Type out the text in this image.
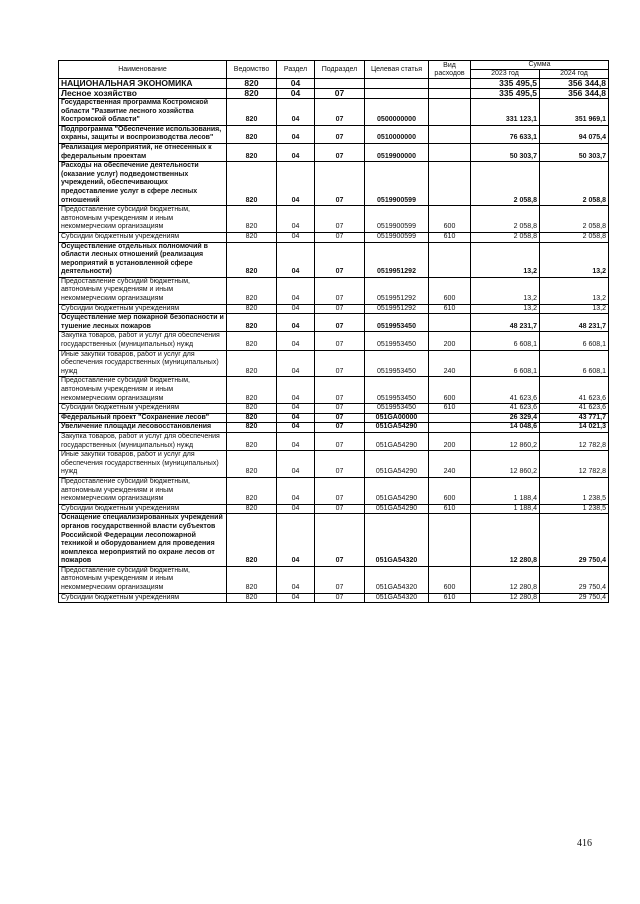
Наименование	Ведомство	Раздел	Подраздел	Целевая статья	Вид расходов	Сумма	
						2023 год	2024 год
НАЦИОНАЛЬНАЯ ЭКОНОМИКА	820	04				335 495,5	356 344,8
Лесное хозяйство	820	04	07			335 495,5	356 344,8
Государственная программа Костромской области "Развитие лесного хозяйства Костромской области"	820	04	07	0500000000		331 123,1	351 969,1
Подпрограмма "Обеспечение использования, охраны, защиты и воспроизводства лесов"	820	04	07	0510000000		76 633,1	94 075,4
Реализация мероприятий, не отнесенных к федеральным проектам	820	04	07	0519900000		50 303,7	50 303,7
Расходы на обеспечение деятельности (оказание услуг) подведомственных учреждений, обеспечивающих предоставление услуг в сфере лесных отношений	820	04	07	0519900599		2 058,8	2 058,8
Предоставление субсидий бюджетным, автономным учреждениям и иным некоммерческим организациям	820	04	07	0519900599	600	2 058,8	2 058,8
Субсидии бюджетным учреждениям	820	04	07	0519900599	610	2 058,8	2 058,8
Осуществление отдельных полномочий в области лесных отношений (реализация мероприятий в установленной сфере деятельности)	820	04	07	0519951292		13,2	13,2
Предоставление субсидий бюджетным, автономным учреждениям и иным некоммерческим организациям	820	04	07	0519951292	600	13,2	13,2
Субсидии бюджетным учреждениям	820	04	07	0519951292	610	13,2	13,2
Осуществление мер пожарной безопасности и тушение лесных пожаров	820	04	07	0519953450		48 231,7	48 231,7
Закупка товаров, работ и услуг для обеспечения государственных (муниципальных) нужд	820	04	07	0519953450	200	6 608,1	6 608,1
Иные закупки товаров, работ и услуг для обеспечения государственных (муниципальных) нужд	820	04	07	0519953450	240	6 608,1	6 608,1
Предоставление субсидий бюджетным, автономным учреждениям и иным некоммерческим организациям	820	04	07	0519953450	600	41 623,6	41 623,6
Субсидии бюджетным учреждениям	820	04	07	0519953450	610	41 623,6	41 623,6
Федеральный проект "Сохранение лесов"	820	04	07	051GA00000		26 329,4	43 771,7
Увеличение площади лесовосстановления	820	04	07	051GA54290		14 048,6	14 021,3
Закупка товаров, работ и услуг для обеспечения государственных (муниципальных) нужд	820	04	07	051GA54290	200	12 860,2	12 782,8
Иные закупки товаров, работ и услуг для обеспечения государственных (муниципальных) нужд	820	04	07	051GA54290	240	12 860,2	12 782,8
Предоставление субсидий бюджетным, автономным учреждениям и иным некоммерческим организациям	820	04	07	051GA54290	600	1 188,4	1 238,5
Субсидии бюджетным учреждениям	820	04	07	051GA54290	610	1 188,4	1 238,5
Оснащение специализированных учреждений органов государственной власти субъектов Российской Федерации лесопожарной техникой и оборудованием для проведения комплекса мероприятий по охране лесов от пожаров	820	04	07	051GA54320		12 280,8	29 750,4
Предоставление субсидий бюджетным, автономным учреждениям и иным некоммерческим организациям	820	04	07	051GA54320	600	12 280,8	29 750,4
Субсидии бюджетным учреждениям	820	04	07	051GA54320	610	12 280,8	29 750,4
416
